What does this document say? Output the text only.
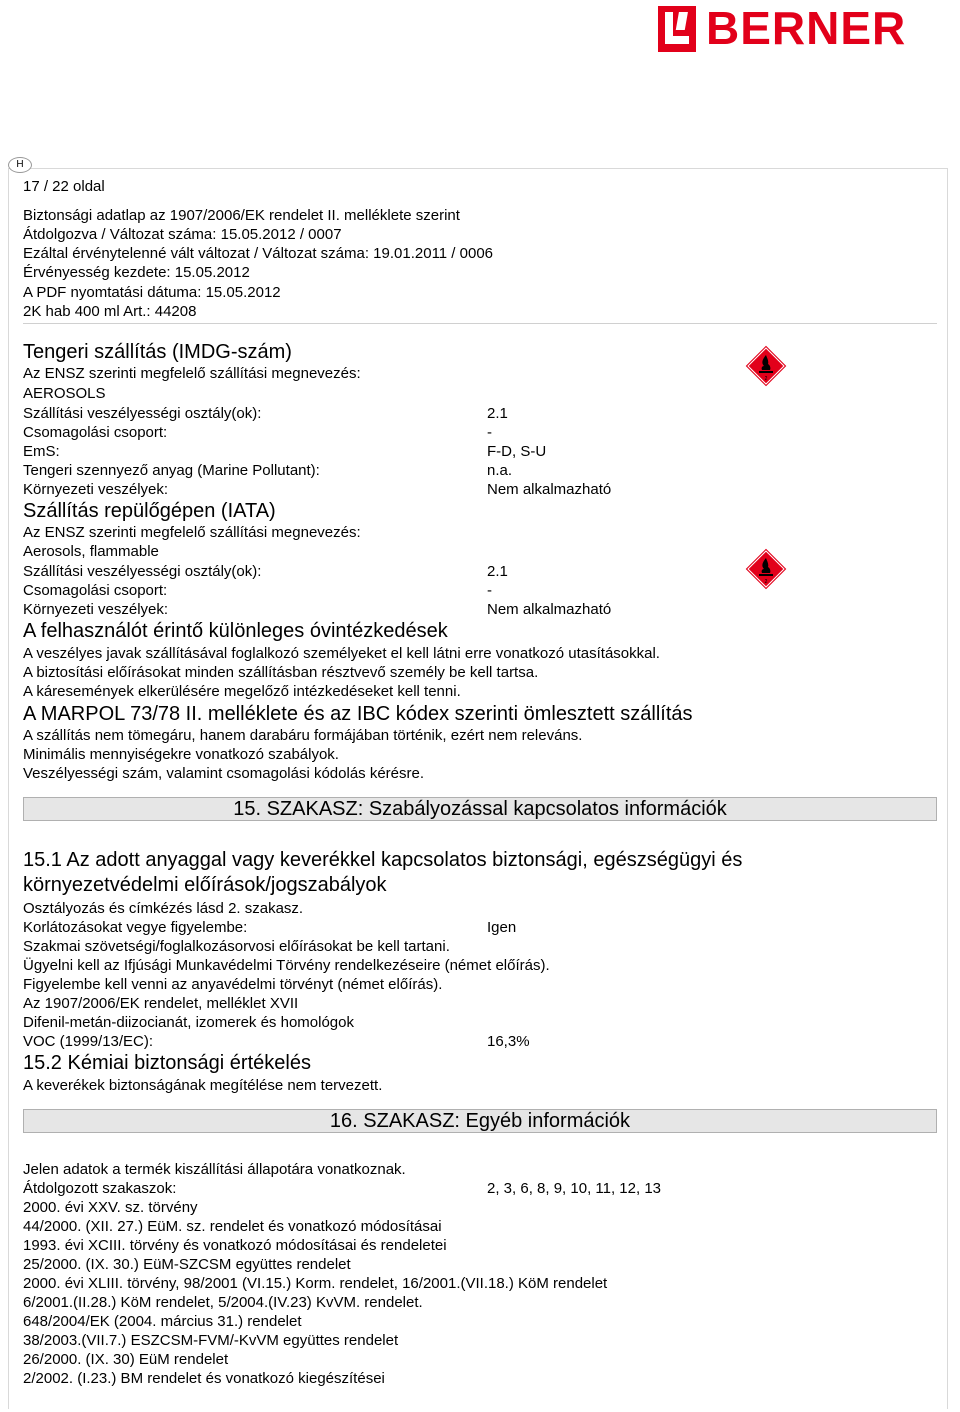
BERNER
H
17 / 22 oldal
Biztonsági adatlap az 1907/2006/EK rendelet II. melléklete szerint
Átdolgozva / Változat száma: 15.05.2012 / 0007
Ezáltal érvénytelenné vált változat / Változat száma: 19.01.2011 / 0006
Érvényesség kezdete: 15.05.2012
A PDF nyomtatási dátuma: 15.05.2012
2K hab 400 ml Art.: 44208
Tengeri szállítás (IMDG-szám)
Az ENSZ szerinti megfelelő szállítási megnevezés:
AEROSOLS
Szállítási veszélyességi osztály(ok):	2.1
Csomagolási csoport:	-
EmS:	F-D, S-U
Tengeri szennyező anyag (Marine Pollutant):	n.a.
Környezeti veszélyek:	Nem alkalmazható
2
Szállítás repülőgépen (IATA)
Az ENSZ szerinti megfelelő szállítási megnevezés:
Aerosols, flammable
Szállítási veszélyességi osztály(ok):	2.1
Csomagolási csoport:	-
Környezeti veszélyek:	Nem alkalmazható
2
A felhasználót érintő különleges óvintézkedések
A veszélyes javak szállításával foglalkozó személyeket el kell látni erre vonatkozó utasításokkal.
A biztosítási előírásokat minden szállításban résztvevő személy be kell tartsa.
A káresemények elkerülésére megelőző intézkedéseket kell tenni.
A MARPOL 73/78 II. melléklete és az IBC kódex szerinti ömlesztett szállítás
A szállítás nem tömegáru, hanem darabáru formájában történik, ezért nem releváns.
Minimális mennyiségekre vonatkozó szabályok.
Veszélyességi szám, valamint csomagolási kódolás kérésre.
15. SZAKASZ: Szabályozással kapcsolatos információk
15.1 Az adott anyaggal vagy keverékkel kapcsolatos biztonsági, egészségügyi és
környezetvédelmi előírások/jogszabályok
Osztályozás és címkézés lásd 2. szakasz.
Korlátozásokat vegye figyelembe:	Igen
Szakmai szövetségi/foglalkozásorvosi előírásokat be kell tartani.
Ügyelni kell az Ifjúsági Munkavédelmi Törvény rendelkezéseire (német előírás).
Figyelembe kell venni az anyavédelmi törvényt (német előírás).
Az 1907/2006/EK rendelet, melléklet XVII
Difenil-metán-diizocianát, izomerek és homológok
VOC (1999/13/EC):	16,3%
15.2 Kémiai biztonsági értékelés
A keverékek biztonságának megítélése nem tervezett.
16. SZAKASZ: Egyéb információk
Jelen adatok a termék kiszállítási állapotára vonatkoznak.
Átdolgozott szakaszok:	2, 3, 6, 8, 9, 10, 11, 12, 13
2000. évi XXV. sz. törvény
44/2000. (XII. 27.) EüM. sz. rendelet és vonatkozó módosításai
1993. évi XCIII. törvény és vonatkozó módosításai és rendeletei
25/2000. (IX. 30.) EüM-SZCSM együttes rendelet
2000. évi XLIII. törvény, 98/2001 (VI.15.) Korm. rendelet, 16/2001.(VII.18.) KöM rendelet
6/2001.(II.28.) KöM rendelet, 5/2004.(IV.23) KvVM. rendelet.
648/2004/EK (2004. március 31.) rendelet
38/2003.(VII.7.) ESZCSM-FVM/-KvVM együttes rendelet
26/2000. (IX. 30) EüM rendelet
2/2002. (I.23.) BM rendelet és vonatkozó kiegészítései
